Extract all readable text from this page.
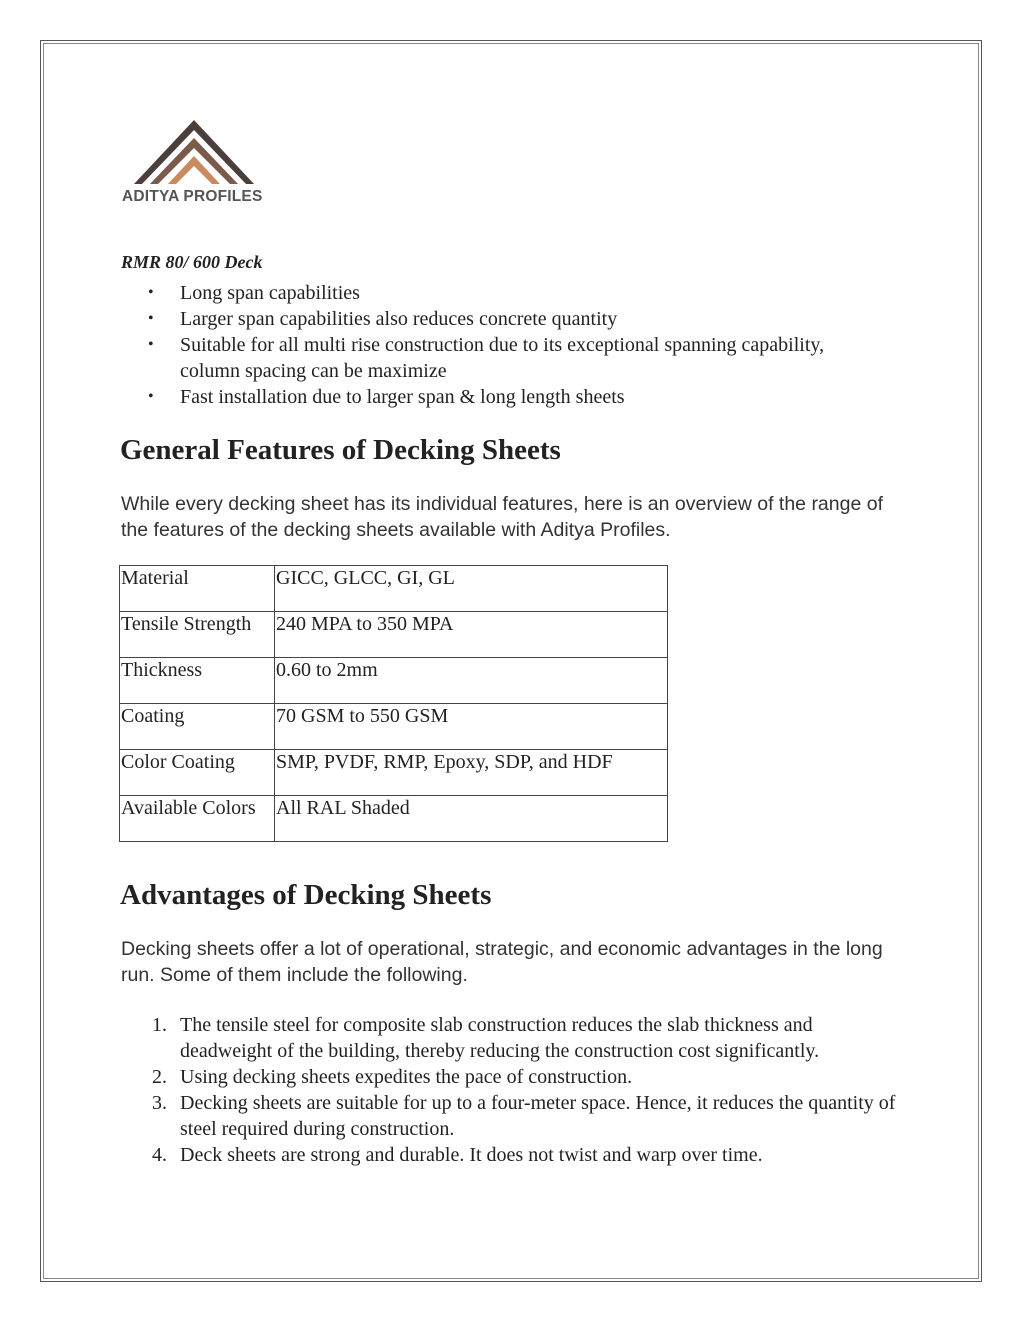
ADITYA PROFILES
RMR 80/ 600 Deck
• Long span capabilities
• Larger span capabilities also reduces concrete quantity
• Suitable for all multi rise construction due to its exceptional spanning capability, column spacing can be maximize
• Fast installation due to larger span & long length sheets
General Features of Decking Sheets

While every decking sheet has its individual features, here is an overview of the range of the features of the decking sheets available with Aditya Profiles.

Material	GICC, GLCC, GI, GL
Tensile Strength	240 MPA to 350 MPA
Thickness	0.60 to 2mm
Coating	70 GSM to 550 GSM
Color Coating	SMP, PVDF, RMP, Epoxy, SDP, and HDF
Available Colors	All RAL Shaded
Advantages of Decking Sheets

Decking sheets offer a lot of operational, strategic, and economic advantages in the long run. Some of them include the following.

1. The tensile steel for composite slab construction reduces the slab thickness and deadweight of the building, thereby reducing the construction cost significantly.
2. Using decking sheets expedites the pace of construction.
3. Decking sheets are suitable for up to a four-meter space. Hence, it reduces the quantity of steel required during construction.
4. Deck sheets are strong and durable. It does not twist and warp over time.
